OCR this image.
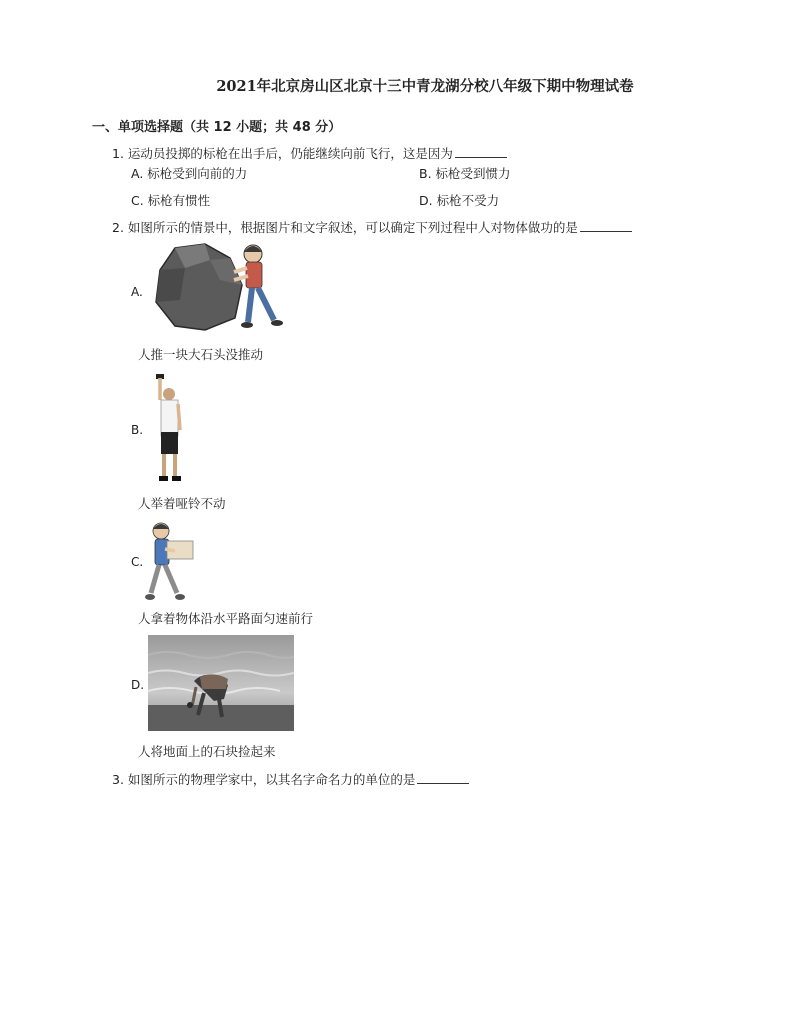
2021年北京房山区北京十三中青龙湖分校八年级下期中物理试卷
一、单项选择题（共 12 小题；共 48 分）
1. 运动员投掷的标枪在出手后，仍能继续向前飞行，这是因为
A. 标枪受到向前的力	B. 标枪受到惯力
C. 标枪有惯性	D. 标枪不受力
2. 如图所示的情景中，根据图片和文字叙述，可以确定下列过程中人对物体做功的是
A.
人推一块大石头没推动
B.
人举着哑铃不动
C.
人拿着物体沿水平路面匀速前行
D.
人将地面上的石块捡起来
3. 如图所示的物理学家中，以其名字命名力的单位的是
